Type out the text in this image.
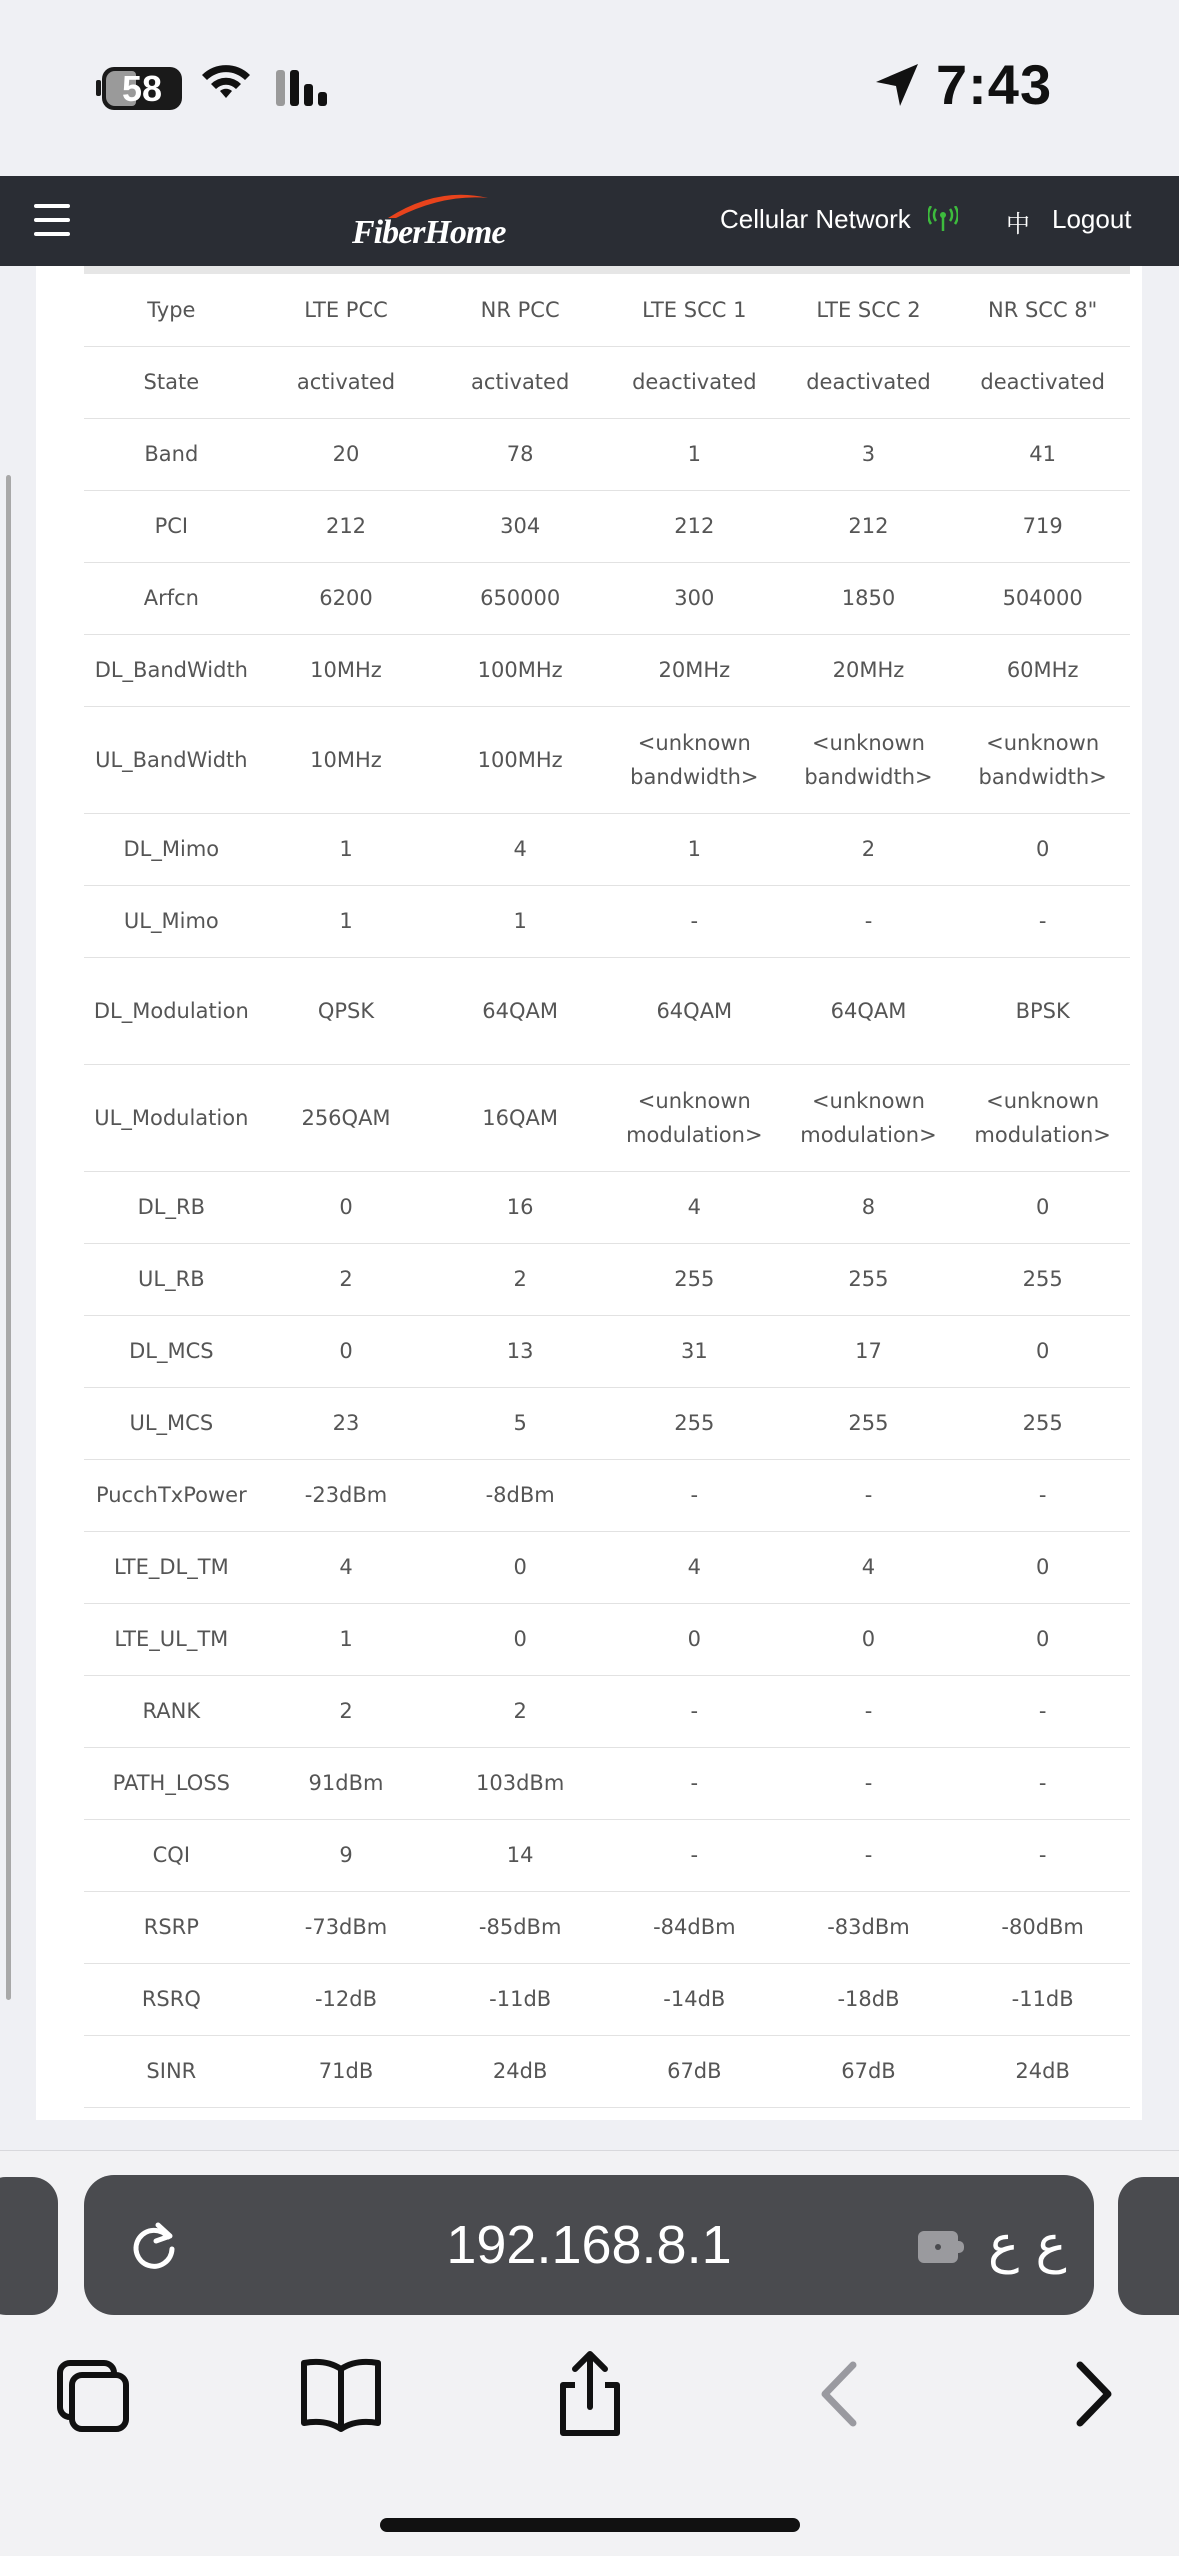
58	7:43
FiberHome	Cellular Network	中 Logout
Type	LTE PCC	NR PCC	LTE SCC 1	LTE SCC 2	NR SCC 8"
State	activated	activated	deactivated	deactivated	deactivated
Band	20	78	1	3	41
PCI	212	304	212	212	719
Arfcn	6200	650000	300	1850	504000
DL_BandWidth	10MHz	100MHz	20MHz	20MHz	60MHz
UL_BandWidth	10MHz	100MHz	<unknown bandwidth>	<unknown bandwidth>	<unknown bandwidth>
DL_Mimo	1	4	1	2	0
UL_Mimo	1	1	-	-	-
DL_Modulation	QPSK	64QAM	64QAM	64QAM	BPSK
UL_Modulation	256QAM	16QAM	<unknown modulation>	<unknown modulation>	<unknown modulation>
DL_RB	0	16	4	8	0
UL_RB	2	2	255	255	255
DL_MCS	0	13	31	17	0
UL_MCS	23	5	255	255	255
PucchTxPower	-23dBm	-8dBm	-	-	-
LTE_DL_TM	4	0	4	4	0
LTE_UL_TM	1	0	0	0	0
RANK	2	2	-	-	-
PATH_LOSS	91dBm	103dBm	-	-	-
CQI	9	14	-	-	-
RSRP	-73dBm	-85dBm	-84dBm	-83dBm	-80dBm
RSRQ	-12dB	-11dB	-14dB	-18dB	-11dB
SINR	71dB	24dB	67dB	67dB	24dB
192.168.8.1	ع ع
